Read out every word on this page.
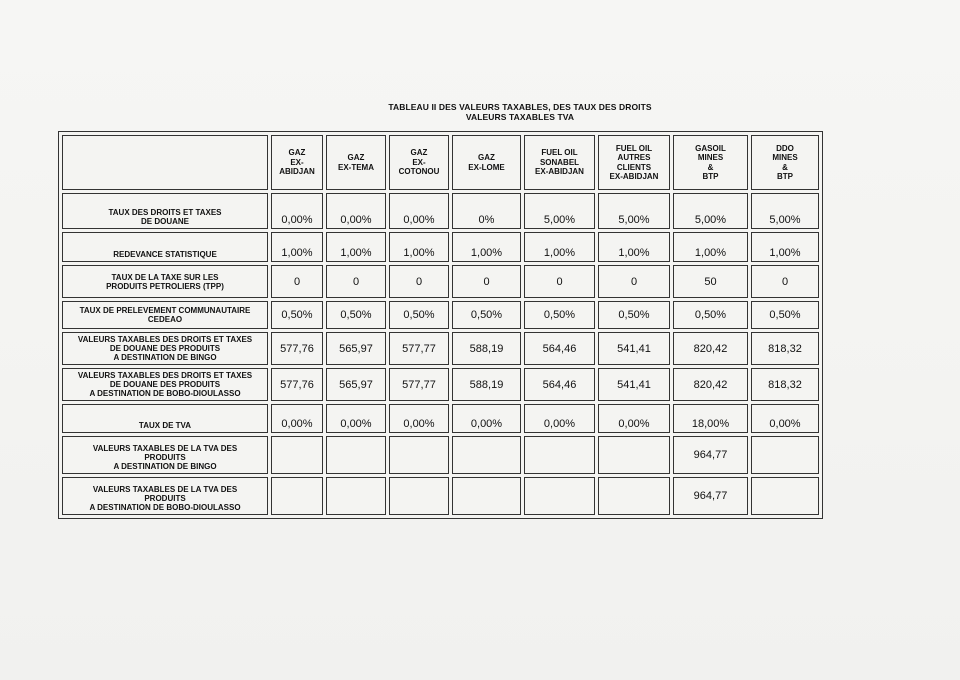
TABLEAU II DES VALEURS TAXABLES, DES TAUX DES DROITS
VALEURS TAXABLES TVA

	GAZ
EX-
ABIDJAN	GAZ
EX-TEMA	GAZ
EX-
COTONOU	GAZ
EX-LOME	FUEL OIL
SONABEL
EX-ABIDJAN	FUEL OIL
AUTRES
CLIENTS
EX-ABIDJAN	GASOIL
MINES
&
BTP	DDO
MINES
&
BTP

TAUX DES DROITS ET TAXES
DE DOUANE	0,00%	0,00%	0,00%	0%	5,00%	5,00%	5,00%	5,00%

REDEVANCE STATISTIQUE	1,00%	1,00%	1,00%	1,00%	1,00%	1,00%	1,00%	1,00%

TAUX DE LA TAXE SUR LES
PRODUITS PETROLIERS (TPP)	0	0	0	0	0	0	50	0

TAUX DE PRELEVEMENT COMMUNAUTAIRE
CEDEAO	0,50%	0,50%	0,50%	0,50%	0,50%	0,50%	0,50%	0,50%

VALEURS TAXABLES DES DROITS ET TAXES
DE DOUANE DES PRODUITS
A DESTINATION DE BINGO	577,76	565,97	577,77	588,19	564,46	541,41	820,42	818,32

VALEURS TAXABLES DES DROITS ET TAXES
DE DOUANE DES PRODUITS
A DESTINATION DE BOBO-DIOULASSO	577,76	565,97	577,77	588,19	564,46	541,41	820,42	818,32

TAUX DE TVA	0,00%	0,00%	0,00%	0,00%	0,00%	0,00%	18,00%	0,00%

VALEURS TAXABLES DE LA TVA DES
PRODUITS
A DESTINATION DE BINGO							964,77	

VALEURS TAXABLES DE LA TVA DES
PRODUITS
A DESTINATION DE BOBO-DIOULASSO							964,77	
